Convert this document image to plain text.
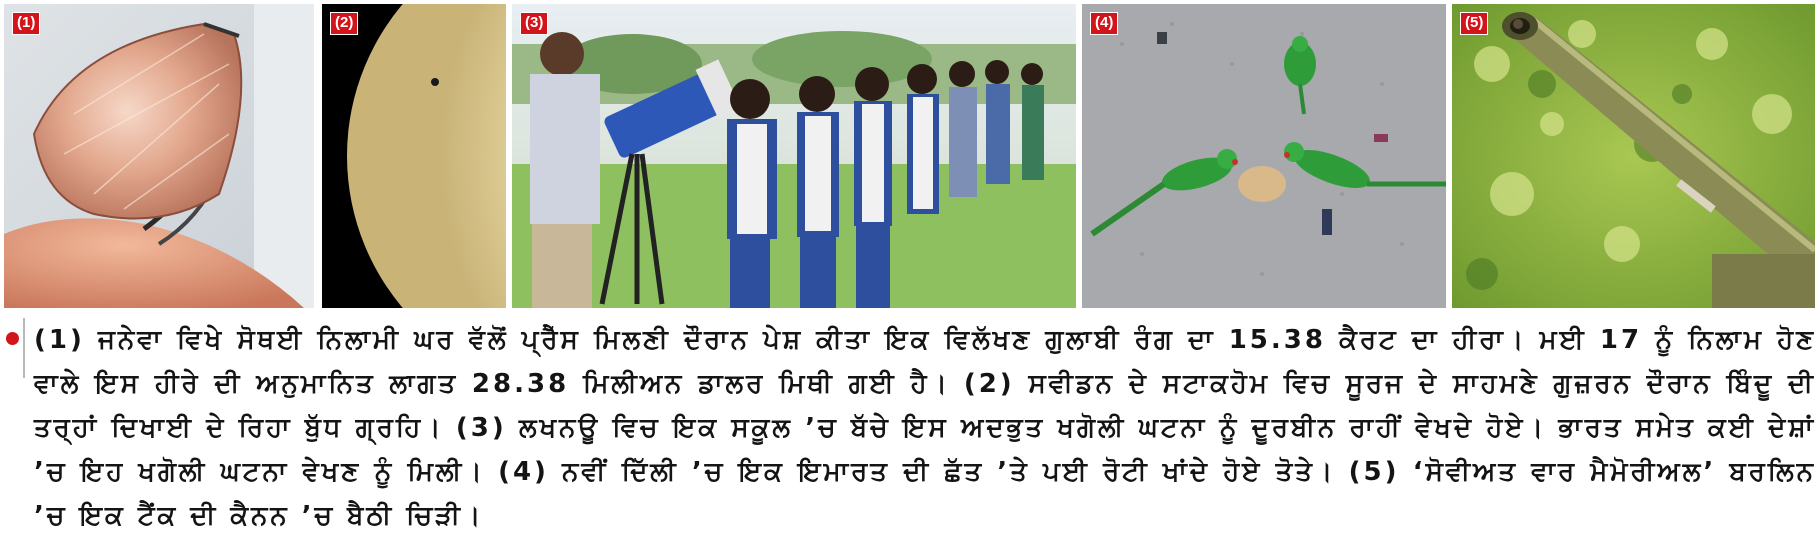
(1)	(2)	(3)	(4)	(5)
(1) ਜਨੇਵਾ ਵਿਖੇ ਸੋਥਈ ਨਿਲਾਮੀ ਘਰ ਵੱਲੋਂ ਪ੍ਰੈੱਸ ਮਿਲਣੀ ਦੌਰਾਨ ਪੇਸ਼ ਕੀਤਾ ਇਕ ਵਿਲੱਖਣ ਗੁਲਾਬੀ ਰੰਗ ਦਾ 15.38 ਕੈਰਟ ਦਾ ਹੀਰਾ। ਮਈ 17 ਨੂੰ ਨਿਲਾਮ ਹੋਣ ਵਾਲੇ ਇਸ ਹੀਰੇ ਦੀ ਅਨੁਮਾਨਿਤ ਲਾਗਤ 28.38 ਮਿਲੀਅਨ ਡਾਲਰ ਮਿਥੀ ਗਈ ਹੈ। (2) ਸਵੀਡਨ ਦੇ ਸਟਾਕਹੋਮ ਵਿਚ ਸੂਰਜ ਦੇ ਸਾਹਮਣੇ ਗੁਜ਼ਰਨ ਦੌਰਾਨ ਬਿੰਦੂ ਦੀ ਤਰ੍ਹਾਂ ਦਿਖਾਈ ਦੇ ਰਿਹਾ ਬੁੱਧ ਗ੍ਰਹਿ। (3) ਲਖਨਊ ਵਿਚ ਇਕ ਸਕੂਲ ’ਚ ਬੱਚੇ ਇਸ ਅਦਭੁਤ ਖਗੋਲੀ ਘਟਨਾ ਨੂੰ ਦੂਰਬੀਨ ਰਾਹੀਂ ਵੇਖਦੇ ਹੋਏ। ਭਾਰਤ ਸਮੇਤ ਕਈ ਦੇਸ਼ਾਂ ’ਚ ਇਹ ਖਗੋਲੀ ਘਟਨਾ ਵੇਖਣ ਨੂੰ ਮਿਲੀ। (4) ਨਵੀਂ ਦਿੱਲੀ ’ਚ ਇਕ ਇਮਾਰਤ ਦੀ ਛੱਤ ’ਤੇ ਪਈ ਰੋਟੀ ਖਾਂਦੇ ਹੋਏ ਤੋਤੇ। (5) ‘ਸੋਵੀਅਤ ਵਾਰ ਮੈਮੋਰੀਅਲ’ ਬਰਲਿਨ ’ਚ ਇਕ ਟੈਂਕ ਦੀ ਕੈਨਨ ’ਚ ਬੈਠੀ ਚਿੜੀ।
